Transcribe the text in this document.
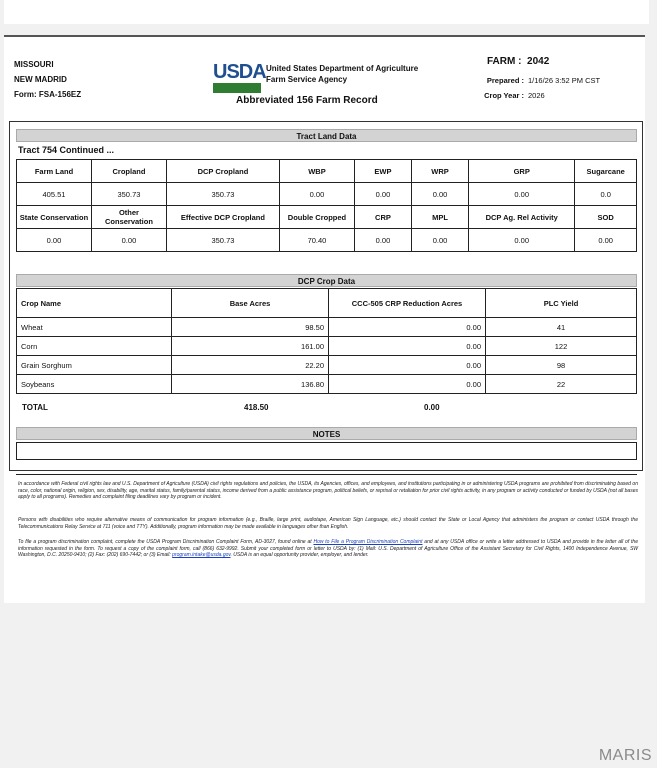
MISSOURI
NEW MADRID
Form: FSA-156EZ
USDA United States Department of Agriculture
Farm Service Agency
Abbreviated 156 Farm Record
FARM : 2042
Prepared : 1/16/26 3:52 PM CST
Crop Year : 2026
Tract Land Data
Tract 754 Continued ...
Farm Land	Cropland	DCP Cropland	WBP	EWP	WRP	GRP	Sugarcane
405.51	350.73	350.73	0.00	0.00	0.00	0.00	0.0
State Conservation	Other Conservation	Effective DCP Cropland	Double Cropped	CRP	MPL	DCP Ag. Rel Activity	SOD
0.00	0.00	350.73	70.40	0.00	0.00	0.00	0.00
DCP Crop Data
Crop Name	Base Acres	CCC-505 CRP Reduction Acres	PLC Yield
Wheat	98.50	0.00	41
Corn	161.00	0.00	122
Grain Sorghum	22.20	0.00	98
Soybeans	136.80	0.00	22
TOTAL	418.50	0.00
NOTES
In accordance with Federal civil rights law and U.S. Department of Agriculture (USDA) civil rights regulations and policies, the USDA, its Agencies, offices, and employees, and institutions participating in or administering USDA programs are prohibited from discriminating based on race, color, national origin, religion, sex, disability, age, marital status, family/parental status, income derived from a public assistance program, political beliefs, or reprisal or retaliation for prior civil rights activity, in any program or activity conducted or funded by USDA (not all bases apply to all programs). Remedies and complaint filing deadlines vary by program or incident.
Persons with disabilities who require alternative means of communication for program information (e.g., Braille, large print, audiotape, American Sign Language, etc.) should contact the State or Local Agency that administers the program or contact USDA through the Telecommunications Relay Service at 711 (voice and TTY). Additionally, program information may be made available in languages other than English.
To file a program discrimination complaint, complete the USDA Program Discrimination Complaint Form, AD-3027, found online at How to File a Program Discrimination Complaint and at any USDA office or write a letter addressed to USDA and provide in the letter all of the information requested in the form. To request a copy of the complaint form, call (866) 632-9992. Submit your completed form or letter to USDA by: (1) Mail: U.S. Department of Agriculture Office of the Assistant Secretary for Civil Rights, 1400 Independence Avenue, SW Washington, D.C. 20250-9410; (2) Fax: (202) 690-7442; or (3) Email: program.intake@usda.gov. USDA is an equal opportunity provider, employer, and lender.
MARIS
